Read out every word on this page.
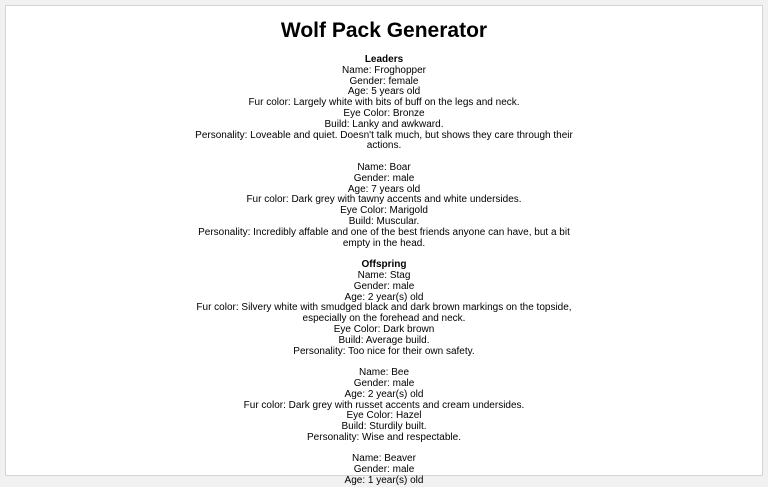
Wolf Pack Generator
Leaders
Name: Froghopper
Gender: female
Age: 5 years old
Fur color: Largely white with bits of buff on the legs and neck.
Eye Color: Bronze
Build: Lanky and awkward.
Personality: Loveable and quiet. Doesn't talk much, but shows they care through their actions.
Name: Boar
Gender: male
Age: 7 years old
Fur color: Dark grey with tawny accents and white undersides.
Eye Color: Marigold
Build: Muscular.
Personality: Incredibly affable and one of the best friends anyone can have, but a bit empty in the head.
Offspring
Name: Stag
Gender: male
Age: 2 year(s) old
Fur color: Silvery white with smudged black and dark brown markings on the topside, especially on the forehead and neck.
Eye Color: Dark brown
Build: Average build.
Personality: Too nice for their own safety.
Name: Bee
Gender: male
Age: 2 year(s) old
Fur color: Dark grey with russet accents and cream undersides.
Eye Color: Hazel
Build: Sturdily built.
Personality: Wise and respectable.
Name: Beaver
Gender: male
Age: 1 year(s) old
